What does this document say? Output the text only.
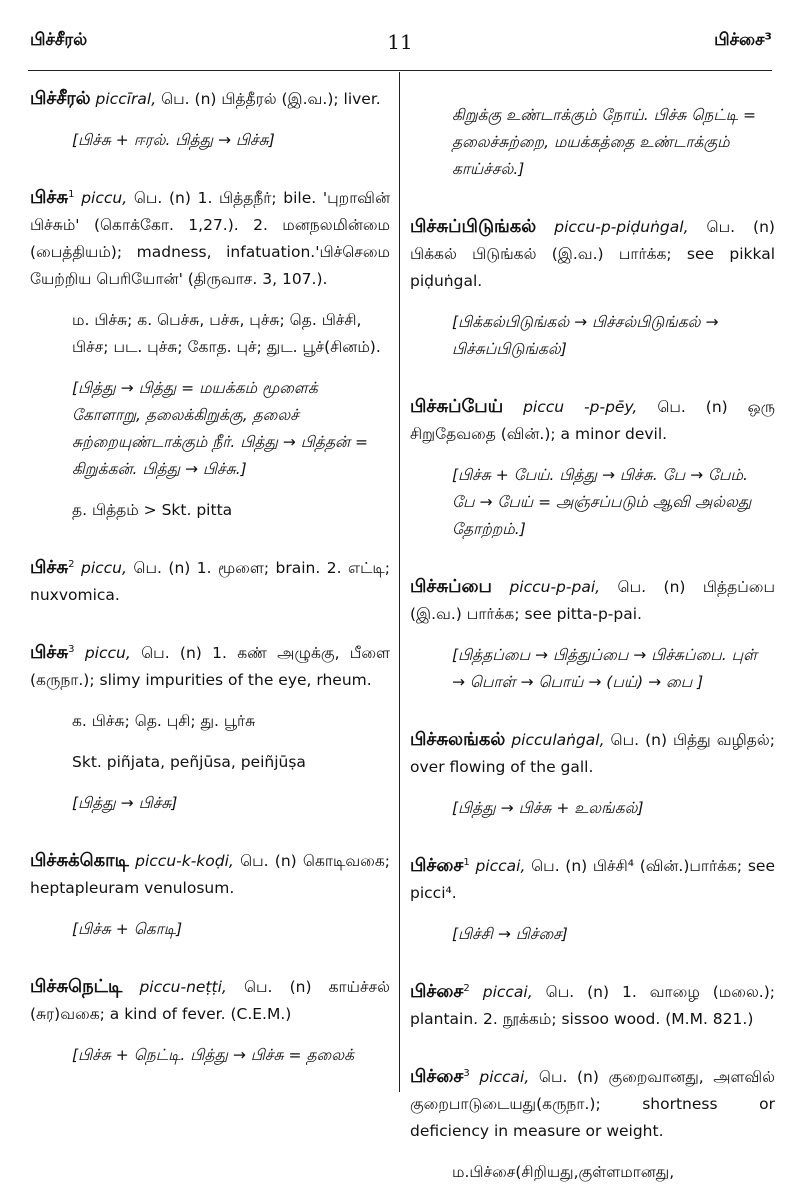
பிச்சீரல்	11	பிச்சை³

பிச்சீரல் piccīral, பெ. (n) பித்தீரல் (இ.வ.); liver.

[பிச்சு + ஈரல். பித்து → பிச்சு]

பிச்சு$^1$ piccu, பெ. (n) 1. பித்தநீர்; bile. 'புறாவின் பிச்சும்' (கொக்கோ. 1,27.). 2. மனநலமின்மை (பைத்தியம்); madness, infatuation.'பிச்செமை யேற்றிய பெரியோன்' (திருவாச. 3, 107.).

ம. பிச்சு; க. பெச்சு, பச்சு, புச்சு; தெ. பிச்சி, பிச்ச; பட. புச்சு; கோத. புச்; துட. பூச்(சினம்).

[பித்து → பித்து = மயக்கம் மூளைக் கோளாறு, தலைக்கிறுக்கு, தலைச் சுற்றையுண்டாக்கும் நீர். பித்து → பித்தன் = கிறுக்கன். பித்து → பிச்சு.]

த. பித்தம் > Skt. pitta

பிச்சு$^2$ piccu, பெ. (n) 1. மூளை; brain. 2. எட்டி; nuxvomica.

பிச்சு$^3$ piccu, பெ. (n) 1. கண் அழுக்கு, பீளை (கருநா.); slimy impurities of the eye, rheum.

க. பிச்சு; தெ. புசி; து. பூர்சு

Skt. piñjata, peñjūsa, peiñjūṣa

[பித்து → பிச்சு]

பிச்சுக்கொடி piccu-k-koḍi, பெ. (n) கொடிவகை; heptapleuram venulosum.

[பிச்சு + கொடி]

பிச்சுநெட்டி piccu-neṭṭi, பெ. (n) காய்ச்சல் (சுர)வகை; a kind of fever. (C.E.M.)

[பிச்சு + நெட்டி. பித்து → பிச்சு = தலைக்

கிறுக்கு உண்டாக்கும் நோய். பிச்சு நெட்டி = தலைச்சுற்றை, மயக்கத்தை உண்டாக்கும் காய்ச்சல்.]

பிச்சுப்பிடுங்கல் piccu-p-piḍuṅgal, பெ. (n) பிக்கல் பிடுங்கல் (இ.வ.) பார்க்க; see pikkal piḍuṅgal.

[பிக்கல்பிடுங்கல் → பிச்சல்பிடுங்கல் → பிச்சுப்பிடுங்கல்]

பிச்சுப்பேய் piccu -p-pēy, பெ. (n) ஒரு சிறுதேவதை (வின்.); a minor devil.

[பிச்சு + பேய். பித்து → பிச்சு. பே → பேம். பே → பேய் = அஞ்சப்படும் ஆவி அல்லது தோற்றம்.]

பிச்சுப்பை piccu-p-pai, பெ. (n) பித்தப்பை (இ.வ.) பார்க்க; see pitta-p-pai.

[பித்தப்பை → பித்துப்பை → பிச்சுப்பை. புள் → பொள் → பொய் → (பய்) → பை ]

பிச்சுலங்கல் picculaṅgal, பெ. (n) பித்து வழிதல்; over flowing of the gall.

[பித்து → பிச்சு + உலங்கல்]

பிச்சை$^1$ piccai, பெ. (n) பிச்சி⁴ (வின்.)பார்க்க; see picci⁴.

[பிச்சி → பிச்சை]

பிச்சை$^2$ piccai, பெ. (n) 1. வாழை (மலை.); plantain. 2. நூக்கம்; sissoo wood. (M.M. 821.)

பிச்சை$^3$ piccai, பெ. (n) குறைவானது, அளவில் குறைபாடுடையது(கருநா.); shortness or deficiency in measure or weight.

ம.பிச்சை(சிறியது,குள்ளமானது,
